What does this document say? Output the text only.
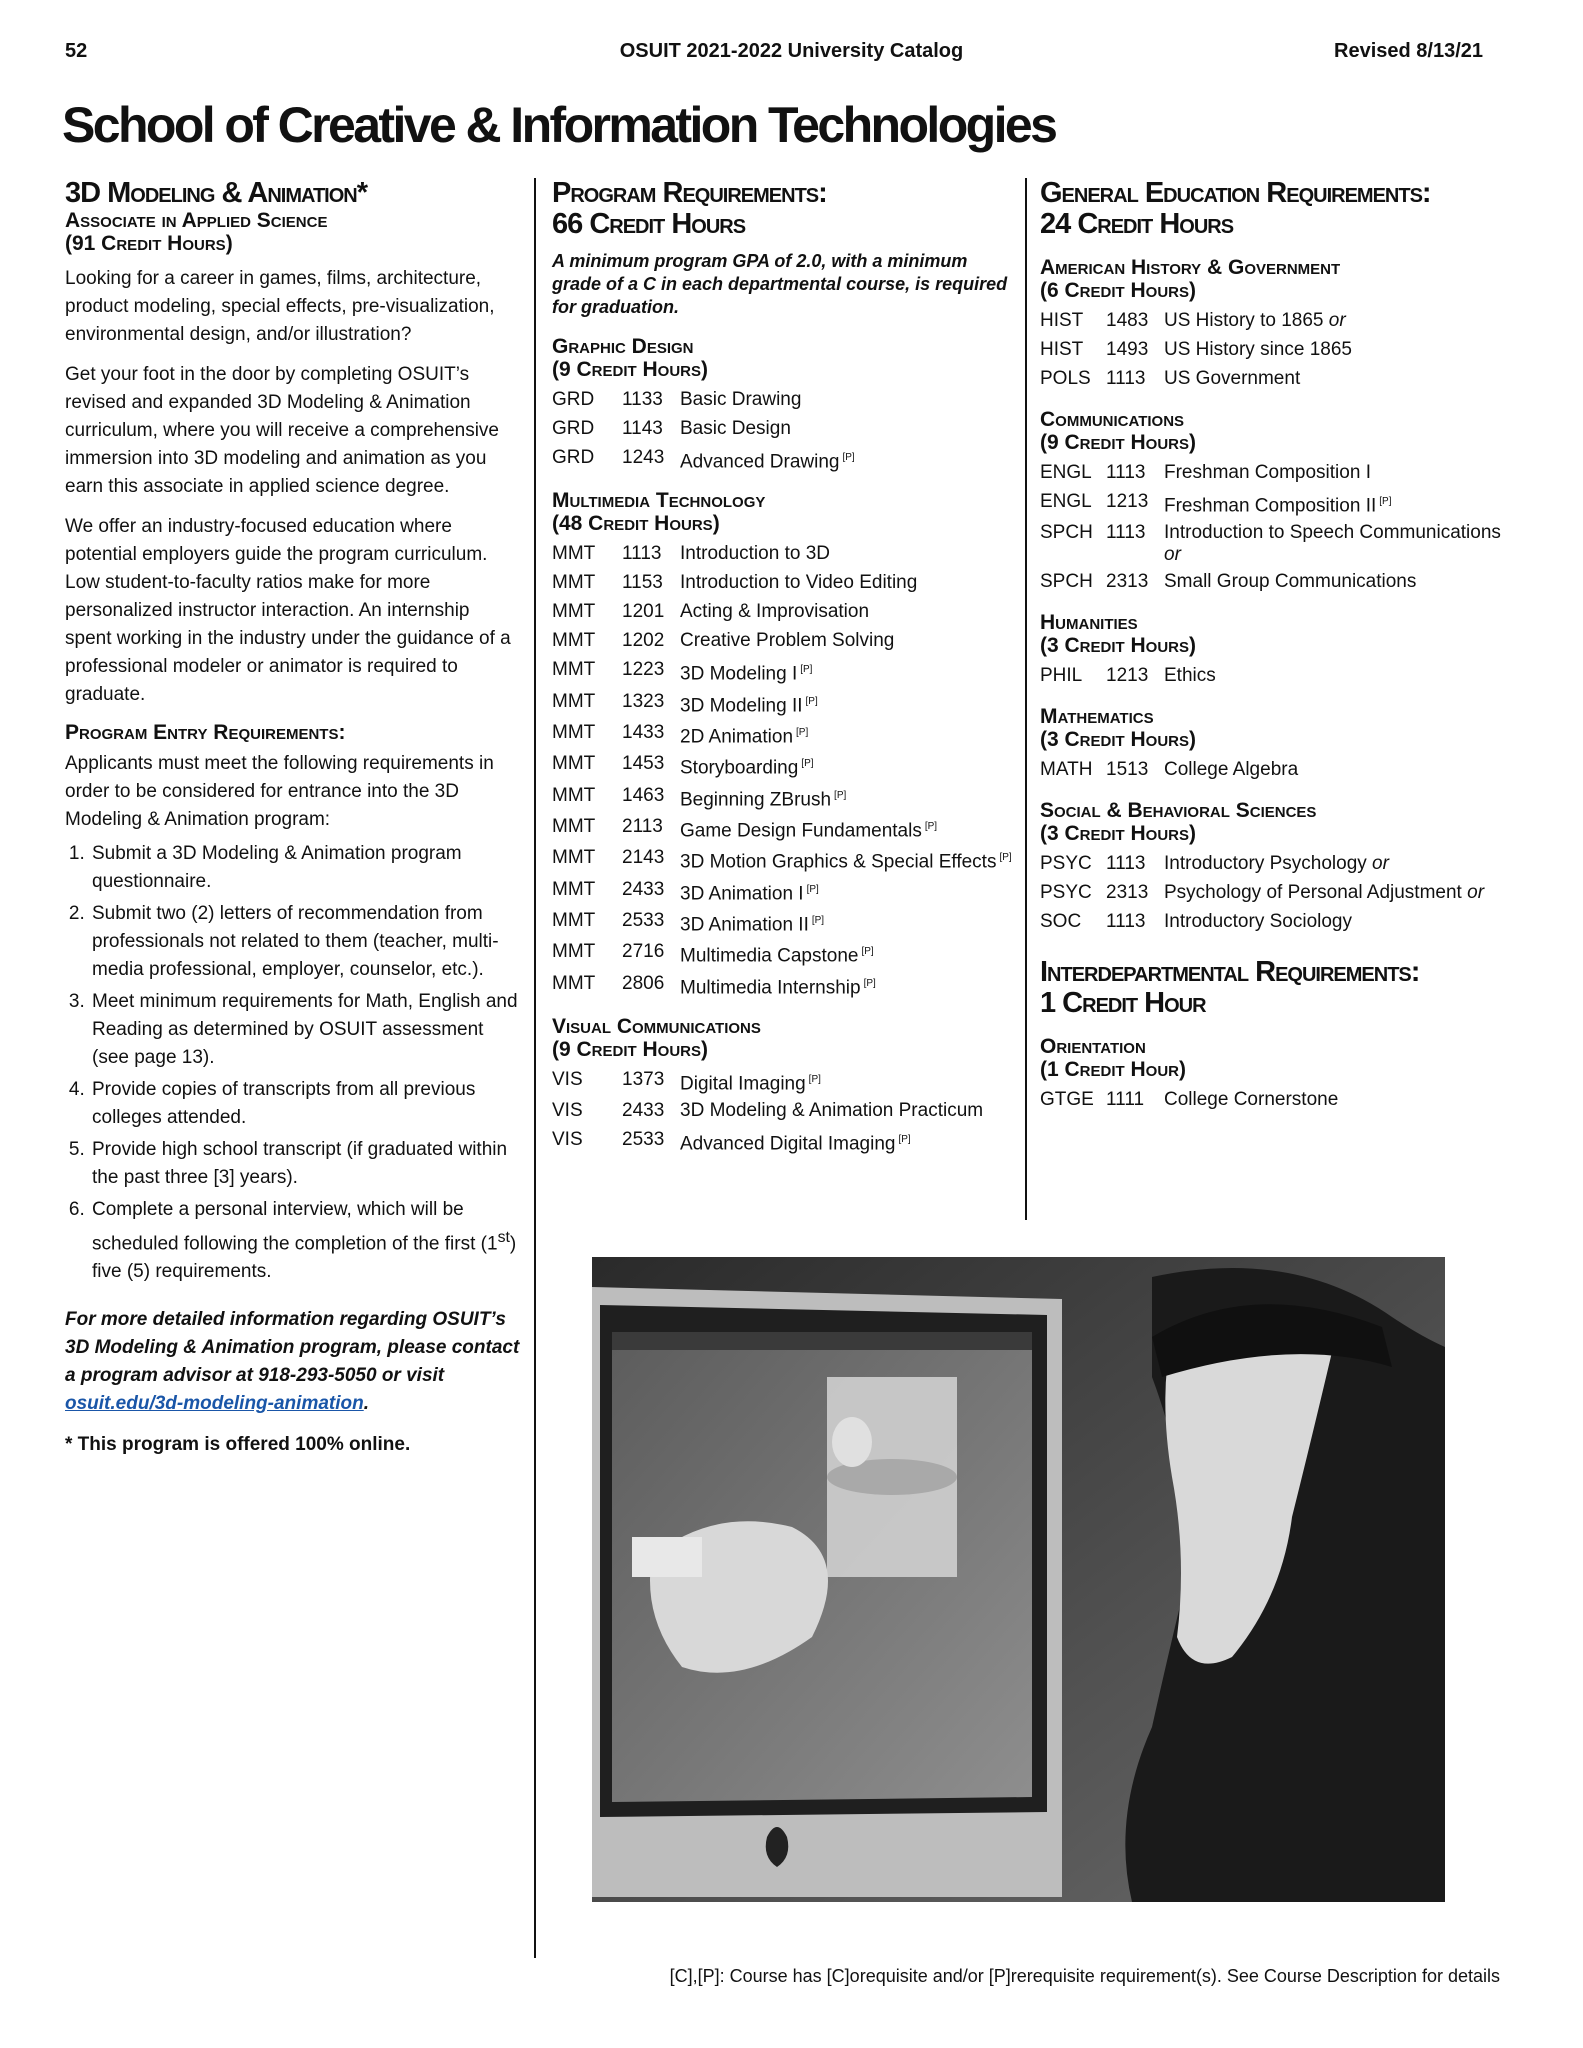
52	OSUIT 2021-2022 University Catalog	Revised 8/13/21
School of Creative & Information Technologies
3D Modeling & Animation*
Associate in Applied Science
(91 Credit Hours)

Looking for a career in games, films, architecture, product modeling, special effects, pre-visualization, environmental design, and/or illustration?

Get your foot in the door by completing OSUIT’s revised and expanded 3D Modeling & Animation curriculum, where you will receive a comprehensive immersion into 3D modeling and animation as you earn this associate in applied science degree.

We offer an industry-focused education where potential employers guide the program curriculum. Low student-to-faculty ratios make for more personalized instructor interaction. An internship spent working in the industry under the guidance of a professional modeler or animator is required to graduate.

Program Entry Requirements:

Applicants must meet the following requirements in order to be considered for entrance into the 3D Modeling & Animation program:

1. Submit a 3D Modeling & Animation program questionnaire.
2. Submit two (2) letters of recommendation from professionals not related to them (teacher, multi-media professional, employer, counselor, etc.).
3. Meet minimum requirements for Math, English and Reading as determined by OSUIT assessment (see page 13).
4. Provide copies of transcripts from all previous colleges attended.
5. Provide high school transcript (if graduated within the past three [3] years).
6. Complete a personal interview, which will be scheduled following the completion of the first (1st) five (5) requirements.
For more detailed information regarding OSUIT’s 3D Modeling & Animation program, please contact a program advisor at 918-293-5050 or visit osuit.edu/3d-modeling-animation.
* This program is offered 100% online.
Program Requirements:
66 Credit Hours
A minimum program GPA of 2.0, with a minimum grade of a C in each departmental course, is required for graduation.
Graphic Design
(9 Credit Hours)
GRD	1133 Basic Drawing
GRD	1143 Basic Design
GRD	1243 Advanced Drawing [P]
Multimedia Technology
(48 Credit Hours)
MMT	1113 Introduction to 3D
MMT	1153 Introduction to Video Editing
MMT	1201 Acting & Improvisation
MMT	1202 Creative Problem Solving
MMT	1223 3D Modeling I [P]
MMT	1323 3D Modeling II [P]
MMT	1433 2D Animation [P]
MMT	1453 Storyboarding [P]
MMT	1463 Beginning ZBrush [P]
MMT	2113 Game Design Fundamentals [P]
MMT	2143 3D Motion Graphics & Special Effects [P]
MMT	2433 3D Animation I [P]
MMT	2533 3D Animation II [P]
MMT	2716 Multimedia Capstone [P]
MMT	2806 Multimedia Internship [P]
Visual Communications
(9 Credit Hours)
VIS	1373 Digital Imaging [P]
VIS	2433 3D Modeling & Animation Practicum
VIS	2533 Advanced Digital Imaging [P]
General Education Requirements:
24 Credit Hours
American History & Government
(6 Credit Hours)
HIST	1483 US History to 1865 or
HIST	1493 US History since 1865
POLS 1113 US Government
Communications
(9 Credit Hours)
ENGL 1113 Freshman Composition I
ENGL 1213 Freshman Composition II [P]
SPCH 1113 Introduction to Speech Communications or
SPCH 2313 Small Group Communications
Humanities
(3 Credit Hours)
PHIL	1213 Ethics
Mathematics
(3 Credit Hours)
MATH 1513 College Algebra
Social & Behavioral Sciences
(3 Credit Hours)
PSYC 1113 Introductory Psychology or
PSYC 2313 Psychology of Personal Adjustment or
SOC	1113 Introductory Sociology
Interdepartmental Requirements:
1 Credit Hour
Orientation
(1 Credit Hour)
GTGE 1111	College Cornerstone
[C],[P]: Course has [C]orequisite and/or [P]rerequisite requirement(s). See Course Description for details
